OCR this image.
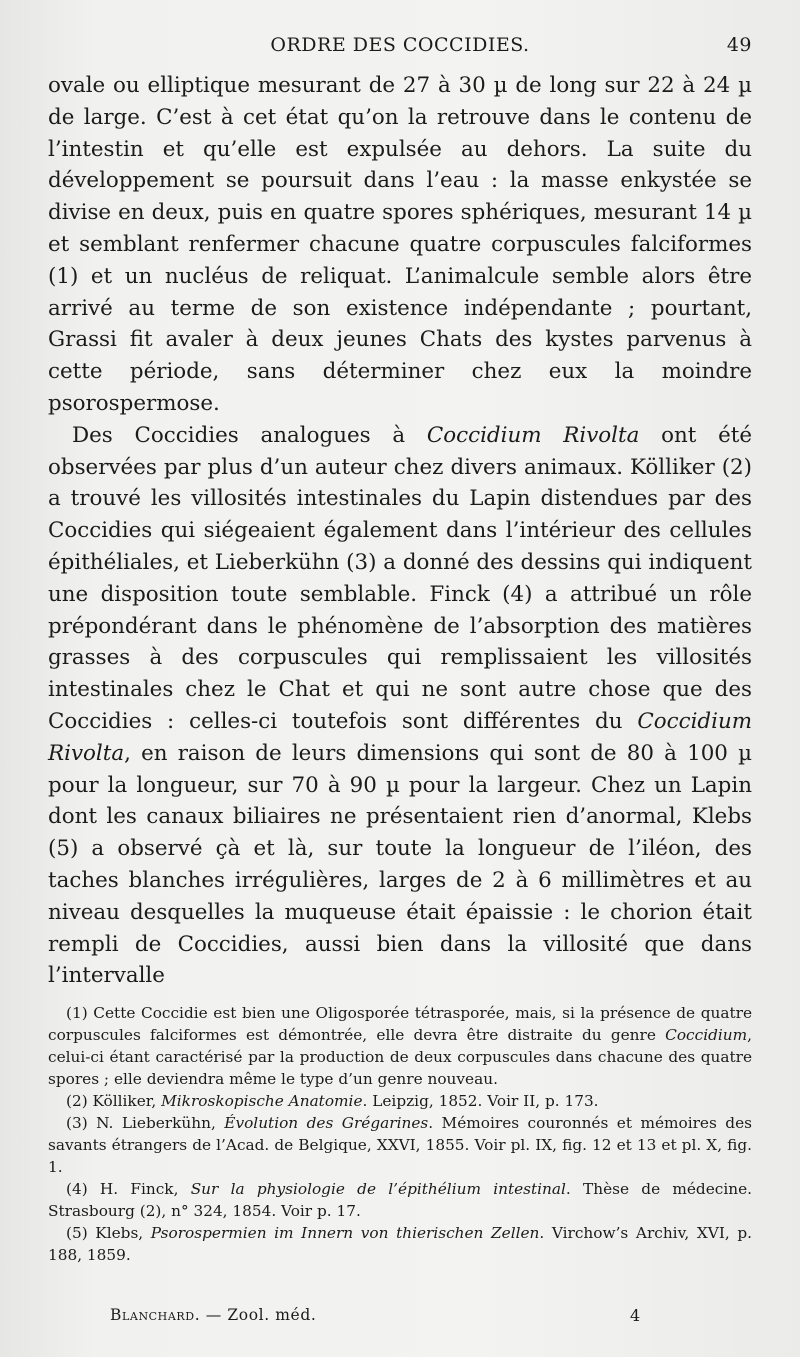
ORDRE DES COCCIDIES.	49

ovale ou elliptique mesurant de 27 à 30 µ de long sur 22 à 24 µ de large. C’est à cet état qu’on la retrouve dans le contenu de l’intestin et qu’elle est expulsée au dehors. La suite du développement se poursuit dans l’eau : la masse enkystée se divise en deux, puis en quatre spores sphériques, mesurant 14 µ et semblant renfermer chacune quatre corpuscules falciformes (1) et un nucléus de reliquat. L’animalcule semble alors être arrivé au terme de son existence indépendante ; pourtant, Grassi fit avaler à deux jeunes Chats des kystes parvenus à cette période, sans déterminer chez eux la moindre psorospermose.

Des Coccidies analogues à Coccidium Rivolta ont été observées par plus d’un auteur chez divers animaux. Kölliker (2) a trouvé les villosités intestinales du Lapin distendues par des Coccidies qui siégeaient également dans l’intérieur des cellules épithéliales, et Lieberkühn (3) a donné des dessins qui indiquent une disposition toute semblable. Finck (4) a attribué un rôle prépondérant dans le phénomène de l’absorption des matières grasses à des corpuscules qui remplissaient les villosités intestinales chez le Chat et qui ne sont autre chose que des Coccidies : celles-ci toutefois sont différentes du Coccidium Rivolta, en raison de leurs dimensions qui sont de 80 à 100 µ pour la longueur, sur 70 à 90 µ pour la largeur. Chez un Lapin dont les canaux biliaires ne présentaient rien d’anormal, Klebs (5) a observé çà et là, sur toute la longueur de l’iléon, des taches blanches irrégulières, larges de 2 à 6 millimètres et au niveau desquelles la muqueuse était épaissie : le chorion était rempli de Coccidies, aussi bien dans la villosité que dans l’intervalle

(1) Cette Coccidie est bien une Oligosporée tétrasporée, mais, si la présence de quatre corpuscules falciformes est démontrée, elle devra être distraite du genre Coccidium, celui-ci étant caractérisé par la production de deux corpuscules dans chacune des quatre spores ; elle deviendra même le type d’un genre nouveau.

(2) Kölliker, Mikroskopische Anatomie. Leipzig, 1852. Voir II, p. 173.

(3) N. Lieberkühn, Évolution des Grégarines. Mémoires couronnés et mémoires des savants étrangers de l’Acad. de Belgique, XXVI, 1855. Voir pl. IX, fig. 12 et 13 et pl. X, fig. 1.

(4) H. Finck, Sur la physiologie de l’épithélium intestinal. Thèse de médecine. Strasbourg (2), n° 324, 1854. Voir p. 17.

(5) Klebs, Psorospermien im Innern von thierischen Zellen. Virchow’s Archiv, XVI, p. 188, 1859.

Blanchard. — Zool. méd.	4
